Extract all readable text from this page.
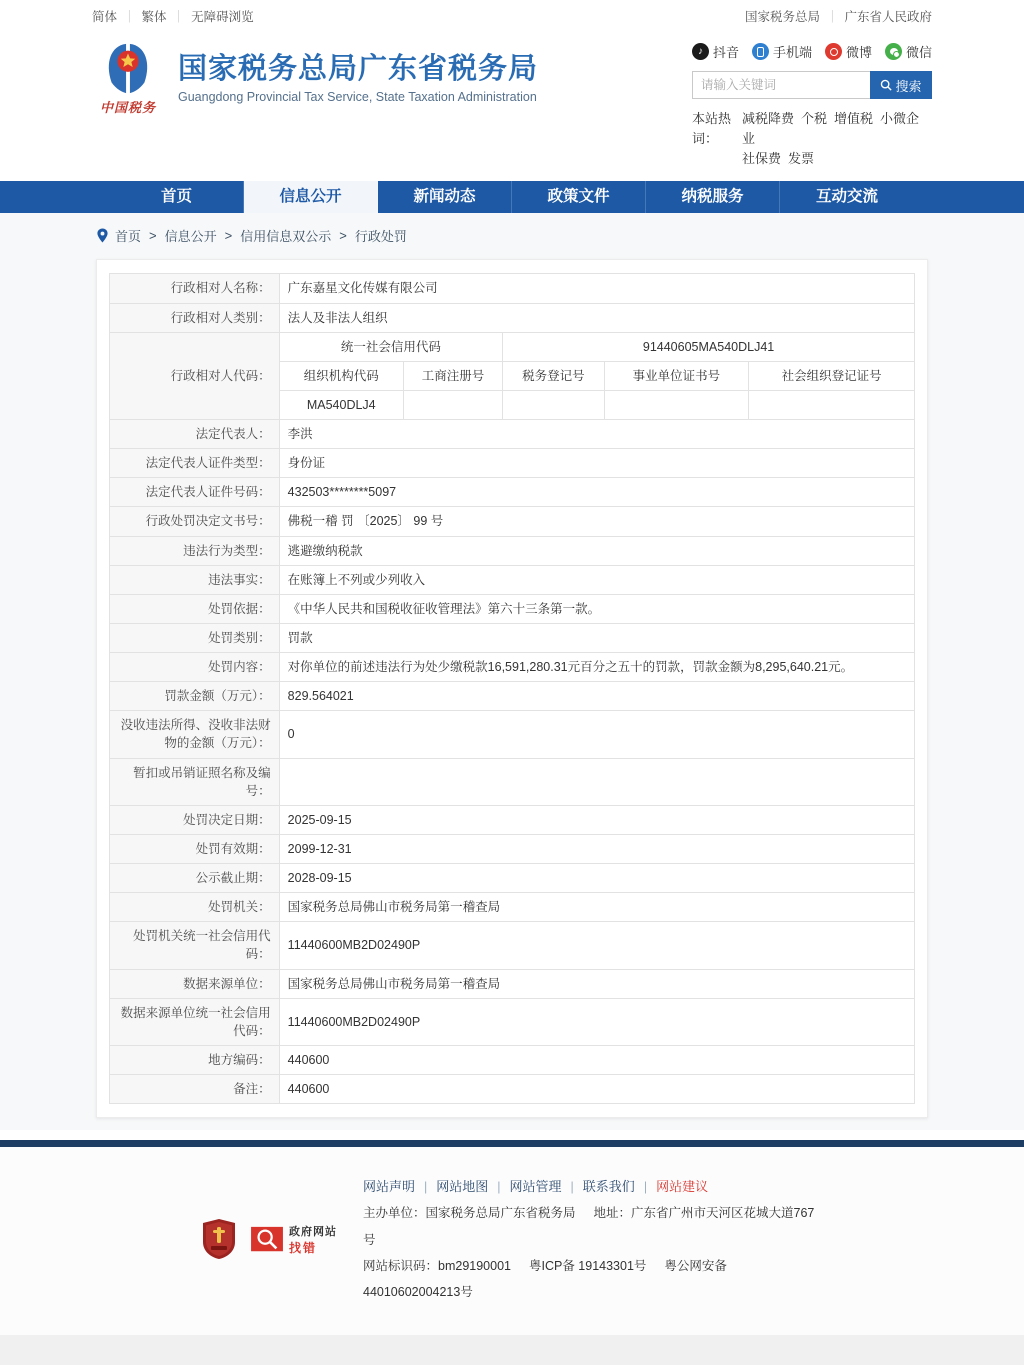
简体 ｜ 繁体 ｜ 无障碍浏览	国家税务总局 ｜ 广东省人民政府
中国税务
国家税务总局广东省税务局
Guangdong Provincial Tax Service, State Taxation Administration
♪ 抖音	手机端	微博	微信
请输入关键词
搜索
本站热词：
减税降费 个税 增值税 小微企业
社保费 发票
首页	信息公开	新闻动态	政策文件	纳税服务	互动交流
首页 > 信息公开 > 信用信息双公示 > 行政处罚
行政相对人名称：	广东嘉星文化传媒有限公司				
行政相对人类别：	法人及非法人组织				
行政相对人代码：	统一社会信用代码		91440605MA540DLJ41		
	组织机构代码	工商注册号	税务登记号	事业单位证书号	社会组织登记证号
	MA540DLJ4				
法定代表人：	李洪				
法定代表人证件类型：	身份证				
法定代表人证件号码：	432503********5097				
行政处罚决定文书号：	佛税一稽 罚 〔2025〕 99 号				
违法行为类型：	逃避缴纳税款				
违法事实：	在账簿上不列或少列收入				
处罚依据：	《中华人民共和国税收征收管理法》第六十三条第一款。				
处罚类别：	罚款				
处罚内容：	对你单位的前述违法行为处少缴税款16,591,280.31元百分之五十的罚款，罚款金额为8,295,640.21元。				
罚款金额（万元）：	829.564021				
没收违法所得、没收非法财物的金额（万元）：	0				
暂扣或吊销证照名称及编号：					
处罚决定日期：	2025-09-15				
处罚有效期：	2099-12-31				
公示截止期：	2028-09-15				
处罚机关：	国家税务总局佛山市税务局第一稽查局				
处罚机关统一社会信用代码：	11440600MB2D02490P				
数据来源单位：	国家税务总局佛山市税务局第一稽查局				
数据来源单位统一社会信用代码：	11440600MB2D02490P				
地方编码：	440600				
备注：	440600				
政府网站
找错
网站声明 | 网站地图 | 网站管理 | 联系我们 | 网站建议
主办单位：国家税务总局广东省税务局 地址：广东省广州市天河区花城大道767号
网站标识码：bm29190001 粤ICP备 19143301号 粤公网安备 44010602004213号
